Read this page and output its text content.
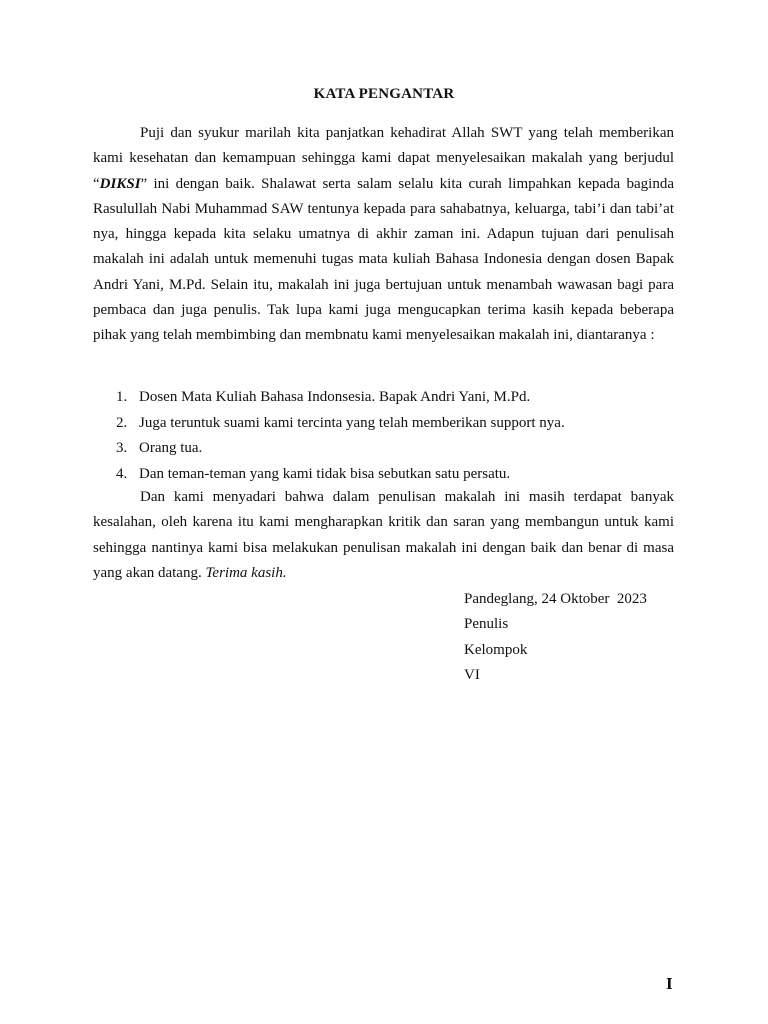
KATA PENGANTAR

Puji dan syukur marilah kita panjatkan kehadirat Allah SWT yang telah memberikan kami kesehatan dan kemampuan sehingga kami dapat menyelesaikan makalah yang berjudul “DIKSI” ini dengan baik. Shalawat serta salam selalu kita curah limpahkan kepada baginda Rasulullah Nabi Muhammad SAW tentunya kepada para sahabatnya, keluarga, tabi’i dan tabi’at nya, hingga kepada kita selaku umatnya di akhir zaman ini. Adapun tujuan dari penulisah makalah ini adalah untuk memenuhi tugas mata kuliah Bahasa Indonesia dengan dosen Bapak Andri Yani, M.Pd. Selain itu, makalah ini juga bertujuan untuk menambah wawasan bagi para pembaca dan juga penulis. Tak lupa kami juga mengucapkan terima kasih kepada beberapa pihak yang telah membimbing dan membnatu kami menyelesaikan makalah ini, diantaranya :

1. Dosen Mata Kuliah Bahasa Indonsesia. Bapak Andri Yani, M.Pd.
2. Juga teruntuk suami kami tercinta yang telah memberikan support nya.
3. Orang tua.
4. Dan teman-teman yang kami tidak bisa sebutkan satu persatu.

Dan kami menyadari bahwa dalam penulisan makalah ini masih terdapat banyak kesalahan, oleh karena itu kami mengharapkan kritik dan saran yang membangun untuk kami sehingga nantinya kami bisa melakukan penulisan makalah ini dengan baik dan benar di masa yang akan datang. Terima kasih.

Pandeglang, 24 Oktober  2023
Penulis
Kelompok
VI
I
